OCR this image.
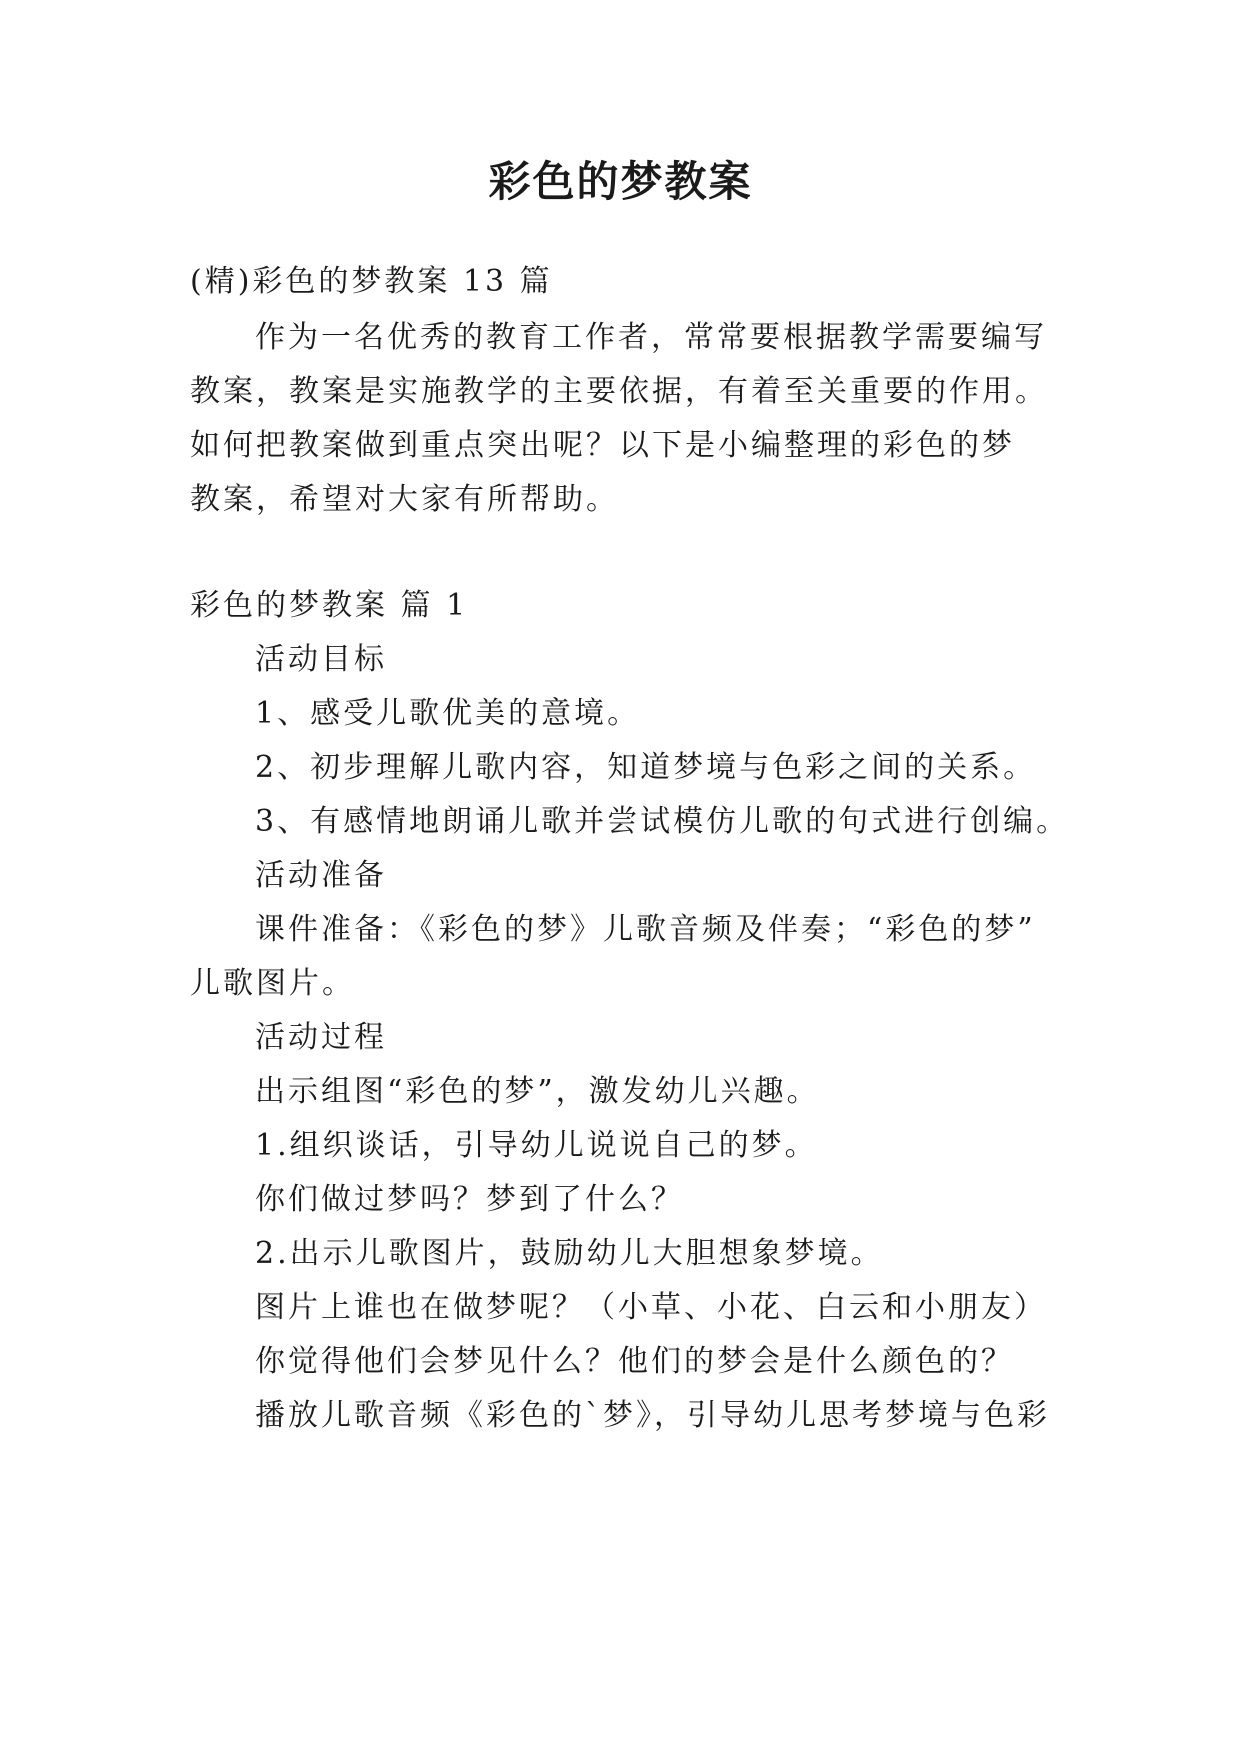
彩色的梦教案
(精)彩色的梦教案 13 篇
作为一名优秀的教育工作者，常常要根据教学需要编写
教案，教案是实施教学的主要依据，有着至关重要的作用。
如何把教案做到重点突出呢？以下是小编整理的彩色的梦
教案，希望对大家有所帮助。
彩色的梦教案 篇 1
活动目标
1、感受儿歌优美的意境。
2、初步理解儿歌内容，知道梦境与色彩之间的关系。
3、有感情地朗诵儿歌并尝试模仿儿歌的句式进行创编。
活动准备
课件准备：《彩色的梦》儿歌音频及伴奏；“彩色的梦”
儿歌图片。
活动过程
出示组图“彩色的梦”，激发幼儿兴趣。
1.组织谈话，引导幼儿说说自己的梦。
你们做过梦吗？梦到了什么？
2.出示儿歌图片，鼓励幼儿大胆想象梦境。
图片上谁也在做梦呢？（小草、小花、白云和小朋友）
你觉得他们会梦见什么？他们的梦会是什么颜色的？
播放儿歌音频《彩色的`梦》，引导幼儿思考梦境与色彩
